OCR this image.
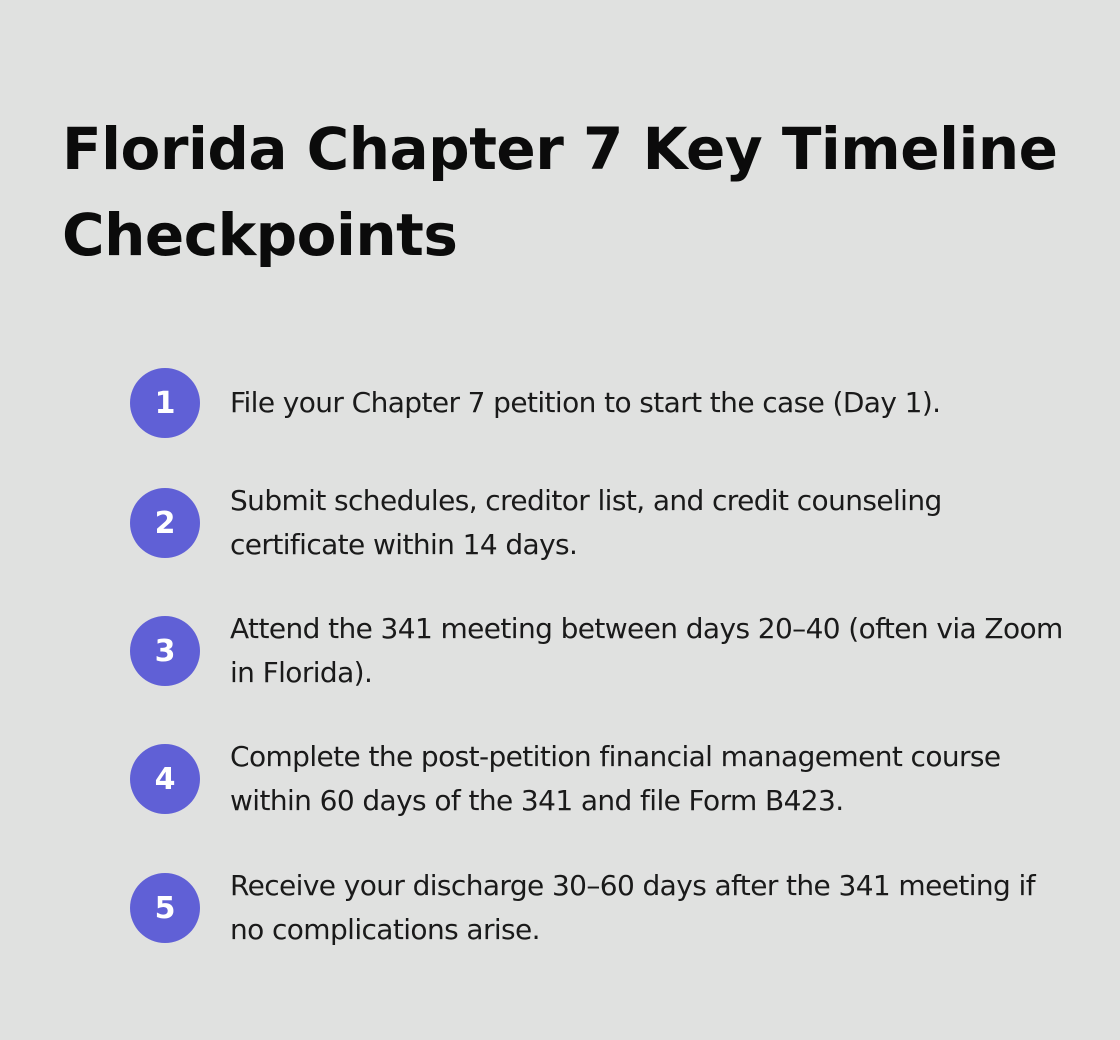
Florida Chapter 7 Key Timeline Checkpoints
1	File your Chapter 7 petition to start the case (Day 1).
2
Submit schedules, creditor list, and credit counseling certificate within 14 days.
3
Attend the 341 meeting between days 20–40 (often via Zoom in Florida).
4
Complete the post-petition financial management course within 60 days of the 341 and file Form B423.
5
Receive your discharge 30–60 days after the 341 meeting if no complications arise.
